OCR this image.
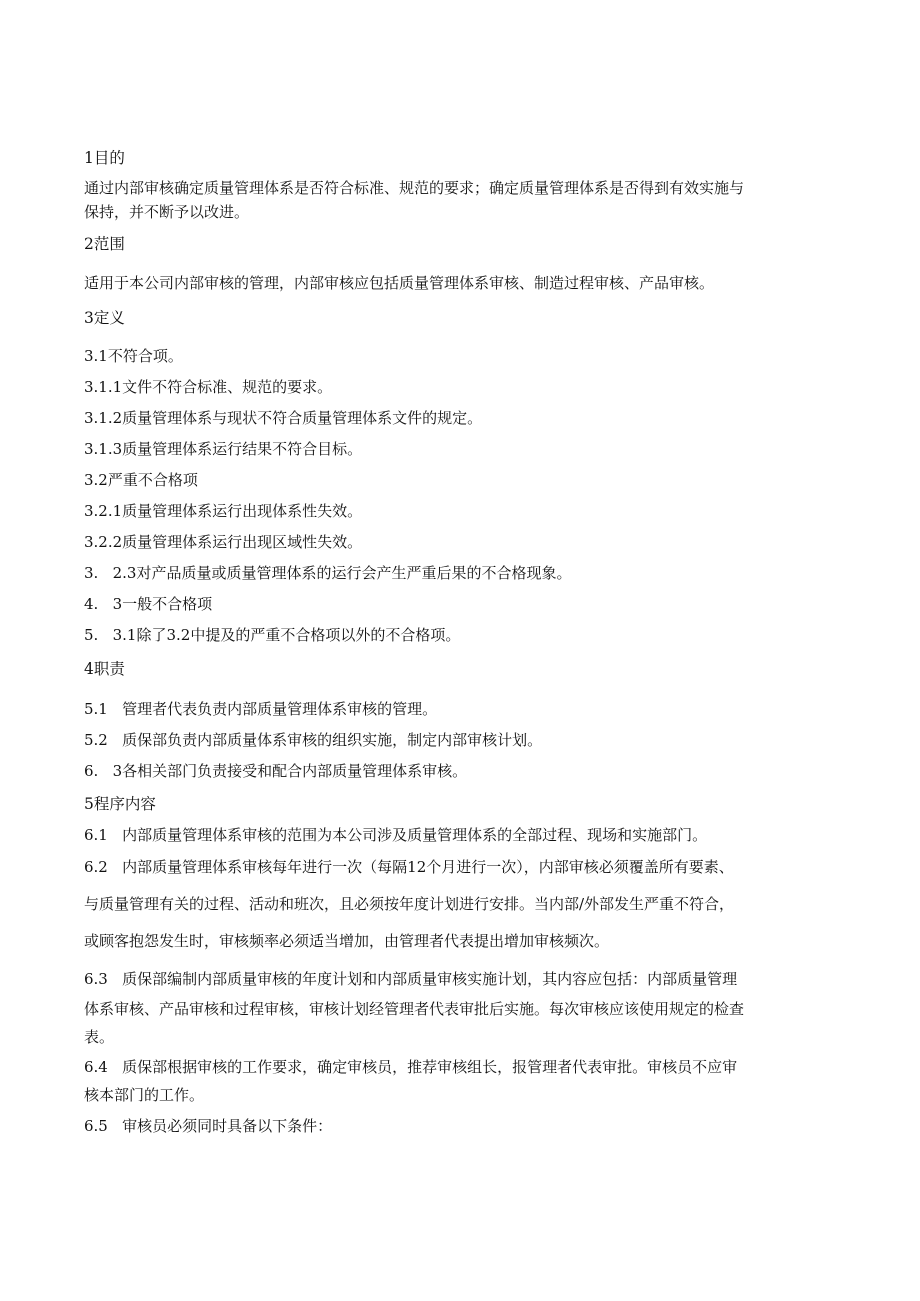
1目的
通过内部审核确定质量管理体系是否符合标准、规范的要求；确定质量管理体系是否得到有效实施与
保持，并不断予以改进。
2范围
适用于本公司内部审核的管理，内部审核应包括质量管理体系审核、制造过程审核、产品审核。
3定义
3.1不符合项。
3.1.1文件不符合标准、规范的要求。
3.1.2质量管理体系与现状不符合质量管理体系文件的规定。
3.1.3质量管理体系运行结果不符合目标。
3.2严重不合格项
3.2.1质量管理体系运行出现体系性失效。
3.2.2质量管理体系运行出现区域性失效。
3.   2.3对产品质量或质量管理体系的运行会产生严重后果的不合格现象。
4.   3一般不合格项
5.   3.1除了3.2中提及的严重不合格项以外的不合格项。
4职责
5.1   管理者代表负责内部质量管理体系审核的管理。
5.2   质保部负责内部质量体系审核的组织实施，制定内部审核计划。
6.   3各相关部门负责接受和配合内部质量管理体系审核。
5程序内容
6.1   内部质量管理体系审核的范围为本公司涉及质量管理体系的全部过程、现场和实施部门。
6.2   内部质量管理体系审核每年进行一次（每隔12个月进行一次），内部审核必须覆盖所有要素、
与质量管理有关的过程、活动和班次，且必须按年度计划进行安排。当内部/外部发生严重不符合，
或顾客抱怨发生时，审核频率必须适当增加，由管理者代表提出增加审核频次。
6.3   质保部编制内部质量审核的年度计划和内部质量审核实施计划，其内容应包括：内部质量管理
体系审核、产品审核和过程审核，审核计划经管理者代表审批后实施。每次审核应该使用规定的检查
表。
6.4   质保部根据审核的工作要求，确定审核员，推荐审核组长，报管理者代表审批。审核员不应审
核本部门的工作。
6.5   审核员必须同时具备以下条件：
